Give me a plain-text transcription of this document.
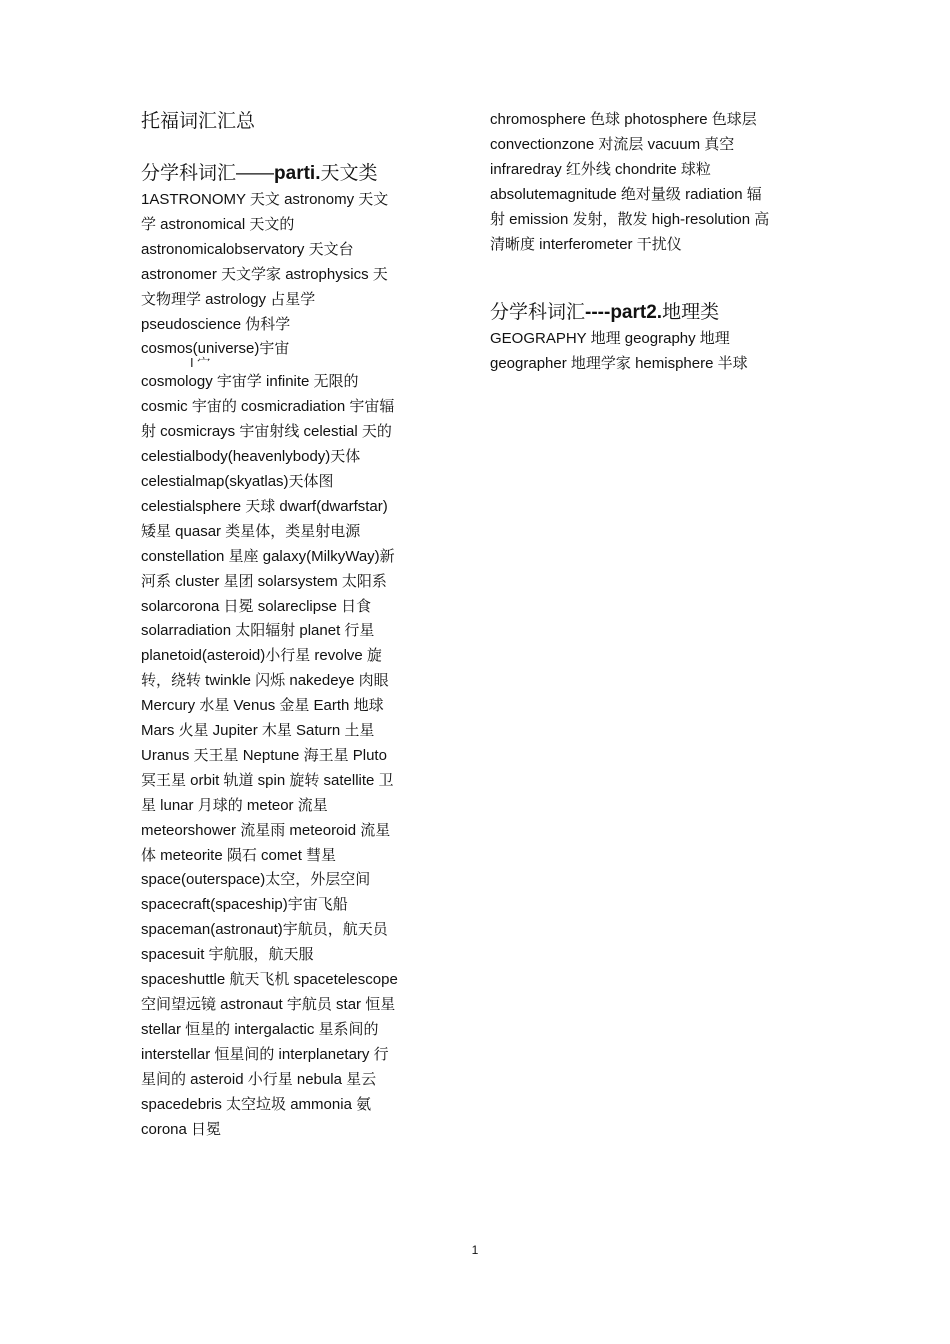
托福词汇汇总
分学科词汇——parti.天文类

1ASTRONOMY 天文 astronomy 天文学 astronomical 天文的 astronomicalobservatory 天文台 astronomer 天文学家 astrophysics 天文物理学 astrology 占星学 pseudoscience 伪科学 cosmos(universe)宇宙

I 宀

cosmology 宇宙学 infinite 无限的 cosmic 宇宙的 cosmicradiation 宇宙辐射 cosmicrays 宇宙射线 celestial 天的 celestialbody(heavenlybody)天体 celestialmap(skyatlas)天体图 celestialsphere 天球 dwarf(dwarfstar)矮星 quasar 类星体，类星射电源 constellation 星座 galaxy(MilkyWay)新河系 cluster 星团 solarsystem 太阳系 solarcorona 日冕 solareclipse 日食 solarradiation 太阳辐射 planet 行星 planetoid(asteroid)小行星 revolve 旋转，绕转 twinkle 闪烁 nakedeye 肉眼 Mercury 水星 Venus 金星 Earth 地球 Mars 火星 Jupiter 木星 Saturn 土星 Uranus 天王星 Neptune 海王星 Pluto 冥王星 orbit 轨道 spin 旋转 satellite 卫星 lunar 月球的 meteor 流星 meteorshower 流星雨 meteoroid 流星体 meteorite 陨石 comet 彗星 space(outerspace)太空，外层空间 spacecraft(spaceship)宇宙飞船 spaceman(astronaut)宇航员，航天员 spacesuit 宇航服，航天服 spaceshuttle 航天飞机 spacetelescope 空间望远镜 astronaut 宇航员 star 恒星 stellar 恒星的 intergalactic 星系间的 interstellar 恒星间的 interplanetary 行星间的 asteroid 小行星 nebula 星云 spacedebris 太空垃圾 ammonia 氨 corona 日冕

chromosphere 色球 photosphere 色球层 convectionzone 对流层 vacuum 真空 infraredray 红外线 chondrite 球粒 absolutemagnitude 绝对量级 radiation 辐射 emission 发射，散发 high-resolution 高清晰度 interferometer 干扰仪

分学科词汇----part2.地理类

GEOGRAPHY 地理 geography 地理 geographer 地理学家 hemisphere 半球

1
